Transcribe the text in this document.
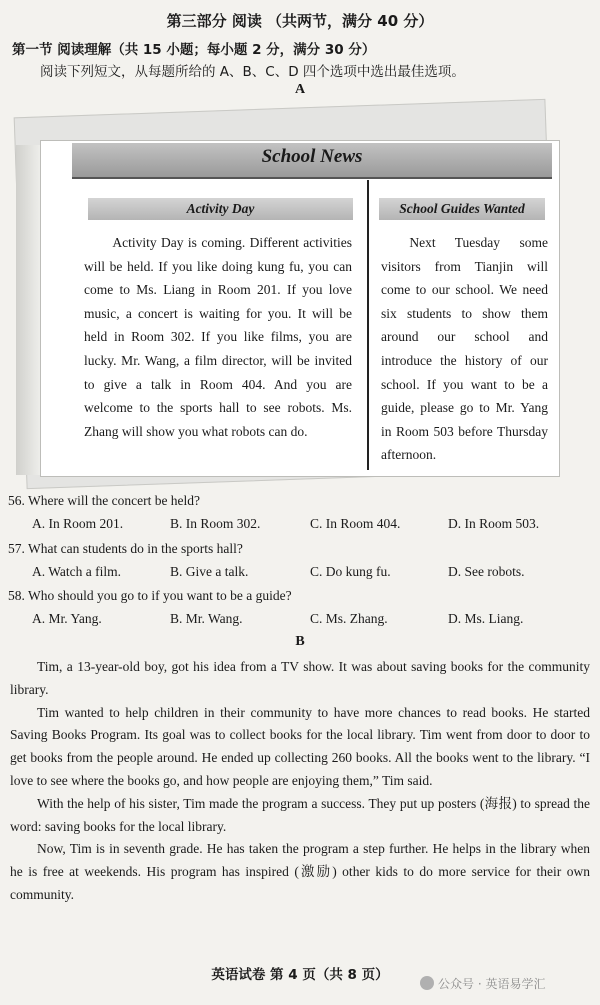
第三部分 阅读 （共两节，满分 40 分）
第一节 阅读理解（共 15 小题；每小题 2 分，满分 30 分）
阅读下列短文，从每题所给的 A、B、C、D 四个选项中选出最佳选项。
A
School News
Activity Day
Activity Day is coming. Different activities will be held. If you like doing kung fu, you can come to Ms. Liang in Room 201. If you love music, a concert is waiting for you. It will be held in Room 302. If you like films, you are lucky. Mr. Wang, a film director, will be invited to give a talk in Room 404. And you are welcome to the sports hall to see robots. Ms. Zhang will show you what robots can do.
School Guides Wanted
Next Tuesday some visitors from Tianjin will come to our school. We need six students to show them around our school and introduce the history of our school. If you want to be a guide, please go to Mr. Yang in Room 503 before Thursday afternoon.
56. Where will the concert be held?
A. In Room 201.	B. In Room 302.	C. In Room 404.	D. In Room 503.
57. What can students do in the sports hall?
A. Watch a film.	B. Give a talk.	C. Do kung fu.	D. See robots.
58. Who should you go to if you want to be a guide?
A. Mr. Yang.	B. Mr. Wang.	C. Ms. Zhang.	D. Ms. Liang.
B

Tim, a 13-year-old boy, got his idea from a TV show. It was about saving books for the community library.

Tim wanted to help children in their community to have more chances to read books. He started Saving Books Program. Its goal was to collect books for the local library. Tim went from door to door to get books from the people around. He ended up collecting 260 books. All the books went to the library. “I love to see where the books go, and how people are enjoying them,” Tim said.

With the help of his sister, Tim made the program a success. They put up posters (海报) to spread the word: saving books for the local library.

Now, Tim is in seventh grade. He has taken the program a step further. He helps in the library when he is free at weekends. His program has inspired (激励) other kids to do more service for their own community.

英语试卷 第 4 页（共 8 页）
公众号 · 英语易学汇
